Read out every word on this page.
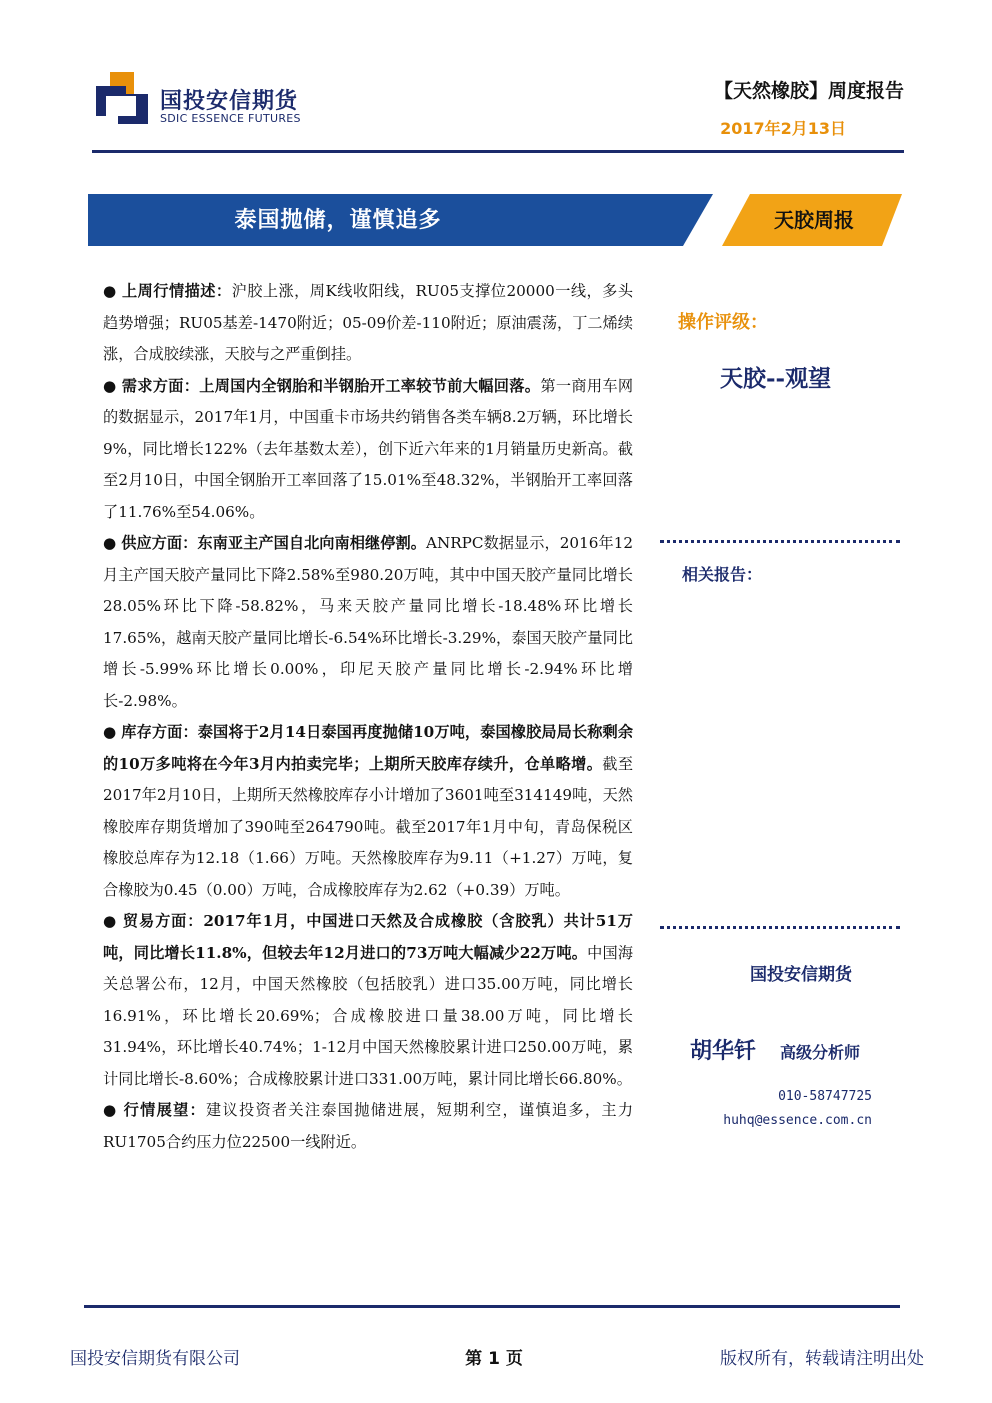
国投安信期货
SDIC ESSENCE FUTURES
【天然橡胶】周度报告
2017年2月13日
泰国抛储，谨慎追多	天胶周报

● 上周行情描述：沪胶上涨，周K线收阳线，RU05支撑位20000一线，多头趋势增强；RU05基差-1470附近；05-09价差-110附近；原油震荡，丁二烯续涨，合成胶续涨，天胶与之严重倒挂。

● 需求方面：上周国内全钢胎和半钢胎开工率较节前大幅回落。第一商用车网的数据显示，2017年1月，中国重卡市场共约销售各类车辆8.2万辆，环比增长9%，同比增长122%（去年基数太差），创下近六年来的1月销量历史新高。截至2月10日，中国全钢胎开工率回落了15.01%至48.32%，半钢胎开工率回落了11.76%至54.06%。

● 供应方面：东南亚主产国自北向南相继停割。ANRPC数据显示，2016年12月主产国天胶产量同比下降2.58%至980.20万吨，其中中国天胶产量同比增长28.05%环比下降-58.82%，马来天胶产量同比增长-18.48%环比增长17.65%，越南天胶产量同比增长-6.54%环比增长-3.29%，泰国天胶产量同比增长-5.99%环比增长0.00%，印尼天胶产量同比增长-2.94%环比增长-2.98%。

● 库存方面：泰国将于2月14日泰国再度抛储10万吨，泰国橡胶局局长称剩余的10万多吨将在今年3月内拍卖完毕；上期所天胶库存续升，仓单略增。截至2017年2月10日，上期所天然橡胶库存小计增加了3601吨至314149吨，天然橡胶库存期货增加了390吨至264790吨。截至2017年1月中旬，青岛保税区橡胶总库存为12.18（1.66）万吨。天然橡胶库存为9.11（+1.27）万吨，复合橡胶为0.45（0.00）万吨，合成橡胶库存为2.62（+0.39）万吨。

● 贸易方面：2017年1月，中国进口天然及合成橡胶（含胶乳）共计51万吨，同比增长11.8%，但较去年12月进口的73万吨大幅减少22万吨。中国海关总署公布，12月，中国天然橡胶（包括胶乳）进口35.00万吨，同比增长16.91%，环比增长20.69%；合成橡胶进口量38.00万吨，同比增长31.94%，环比增长40.74%；1-12月中国天然橡胶累计进口250.00万吨，累计同比增长-8.60%；合成橡胶累计进口331.00万吨，累计同比增长66.80%。

● 行情展望：建议投资者关注泰国抛储进展，短期利空，谨慎追多，主力RU1705合约压力位22500一线附近。

操作评级：
天胶--观望
相关报告：
国投安信期货
胡华钎 高级分析师
010-58747725
huhq@essence.com.cn
国投安信期货有限公司	第 1 页	版权所有，转载请注明出处
